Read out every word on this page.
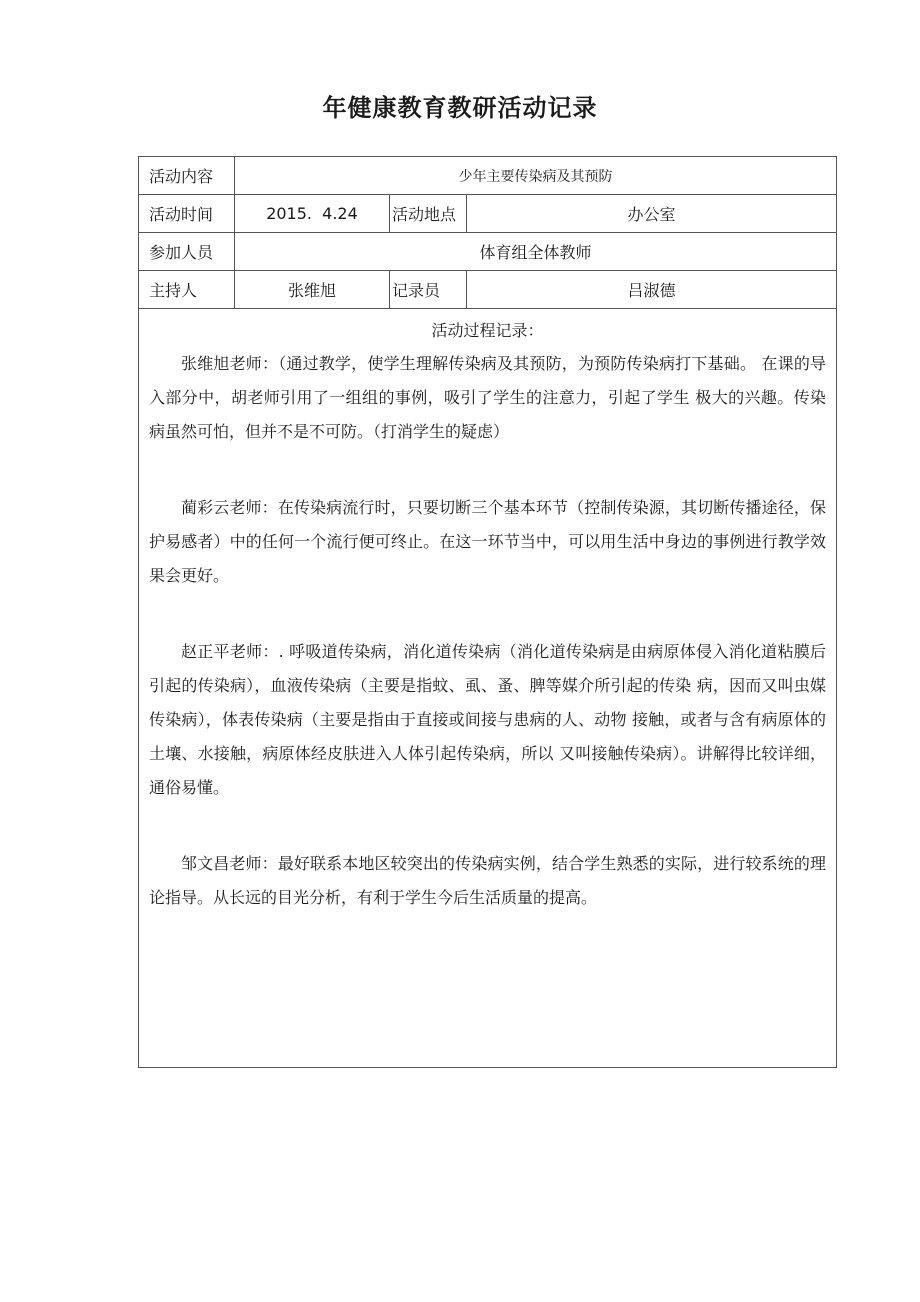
年健康教育教研活动记录
活动内容	少年主要传染病及其预防		
活动时间	2015.  4.24	活动地点	办公室
参加人员	体育组全体教师		
主持人	张维旭	记录员	吕淑德

活动过程记录：

张维旭老师：（通过教学，使学生理解传染病及其预防，为预防传染病打下基础。 在课的导入部分中，胡老师引用了一组组的事例，吸引了学生的注意力，引起了学生 极大的兴趣。传染病虽然可怕，但并不是不可防。（打消学生的疑虑）

蔺彩云老师：在传染病流行时，只要切断三个基本环节（控制传染源，其切断传播途径，保护易感者）中的任何一个流行便可终止。在这一环节当中，可以用生活中身边的事例进行教学效果会更好。

赵正平老师：. 呼吸道传染病，消化道传染病（消化道传染病是由病原体侵入消化道粘膜后引起的传染病），血液传染病（主要是指蚊、虱、蚤、脾等媒介所引起的传染 病，因而又叫虫媒传染病），体表传染病（主要是指由于直接或间接与患病的人、动物 接触，或者与含有病原体的土壤、水接触，病原体经皮肤进入人体引起传染病，所以 又叫接触传染病）。讲解得比较详细，通俗易懂。

邹文昌老师：最好联系本地区较突出的传染病实例，结合学生熟悉的实际，进行较系统的理论指导。从长远的目光分析，有利于学生今后生活质量的提高。			
